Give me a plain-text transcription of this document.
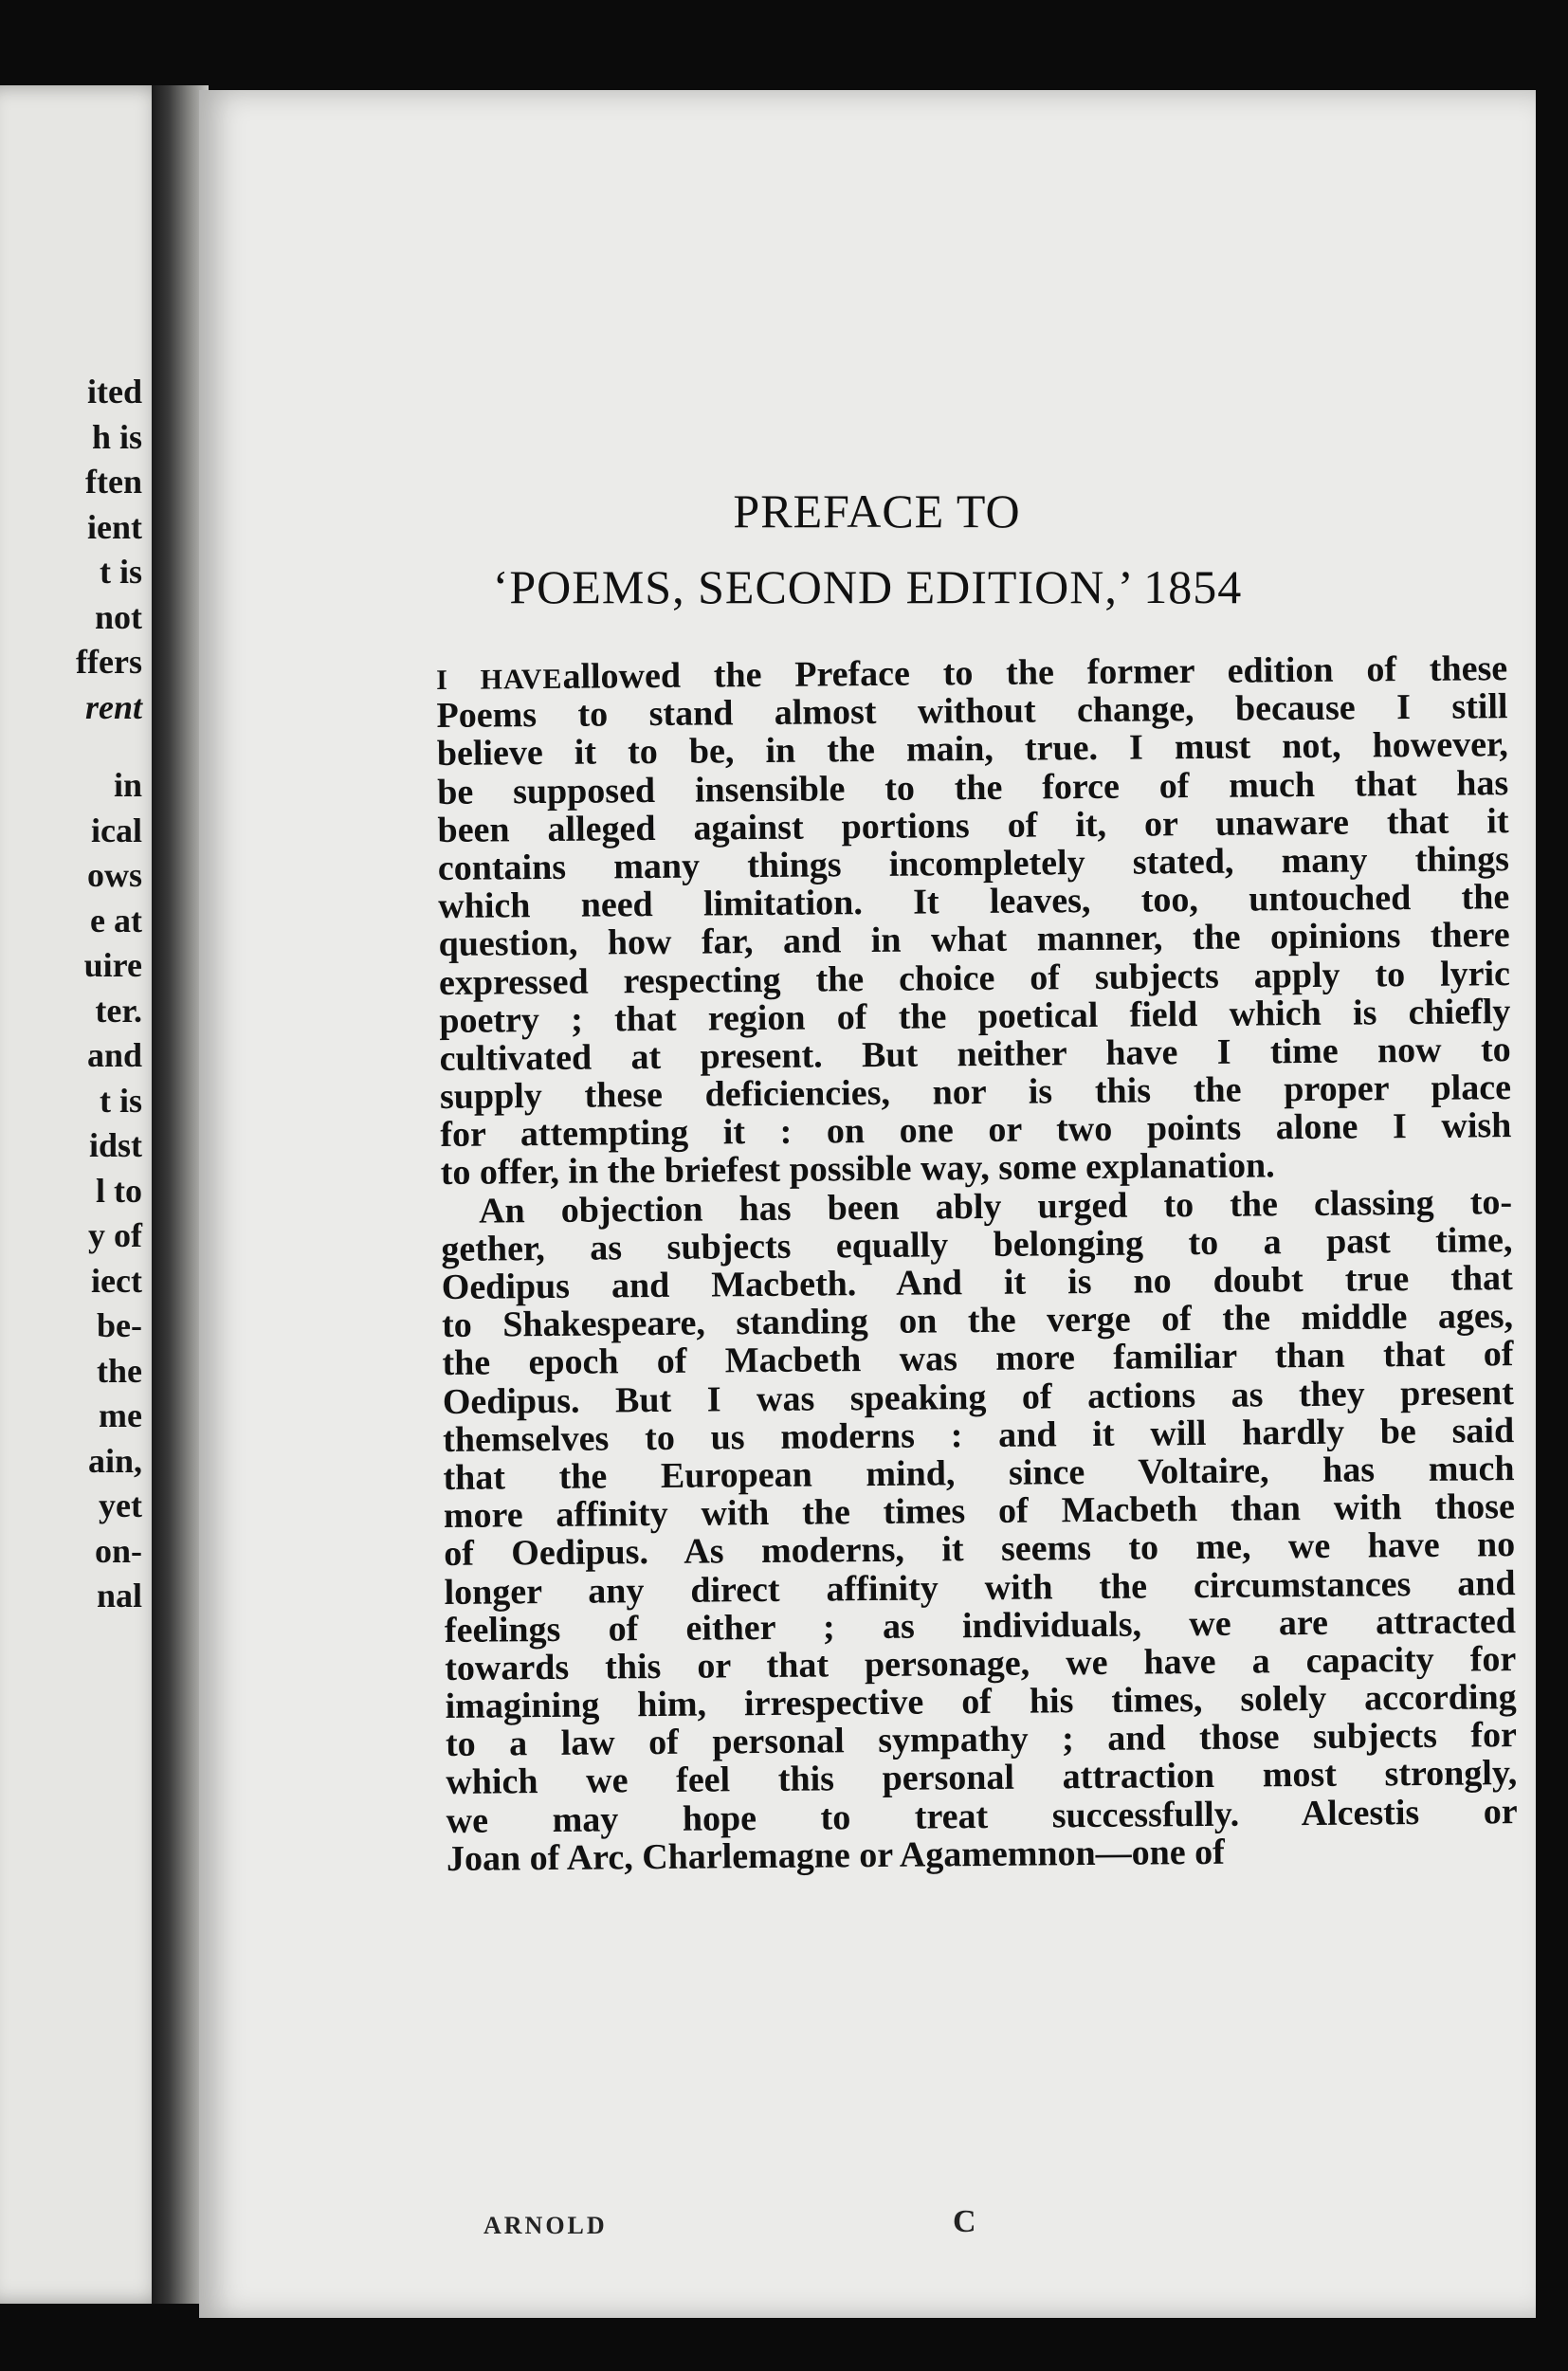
ited
h is
ften
ient
t is
not
ffers
rent
in
ical
ows
e at
uire
ter.
and
t is
idst
l to
y of
iect
be-
the
me
ain,
yet
on-
nal
PREFACE TO
‘POEMS, SECOND EDITION,’ 1854
I HAVEallowed the Preface to the former edition of these
Poems to stand almost without change, because I still
believe it to be, in the main, true. I must not, however,
be supposed insensible to the force of much that has
been alleged against portions of it, or unaware that it
contains many things incompletely stated, many things
which need limitation. It leaves, too, untouched the
question, how far, and in what manner, the opinions there
expressed respecting the choice of subjects apply to lyric
poetry ; that region of the poetical field which is chiefly
cultivated at present. But neither have I time now to
supply these deficiencies, nor is this the proper place
for attempting it : on one or two points alone I wish
to offer, in the briefest possible way, some explanation.
An objection has been ably urged to the classing to-
gether, as subjects equally belonging to a past time,
Oedipus and Macbeth. And it is no doubt true that
to Shakespeare, standing on the verge of the middle ages,
the epoch of Macbeth was more familiar than that of
Oedipus. But I was speaking of actions as they present
themselves to us moderns : and it will hardly be said
that the European mind, since Voltaire, has much
more affinity with the times of Macbeth than with those
of Oedipus. As moderns, it seems to me, we have no
longer any direct affinity with the circumstances and
feelings of either ; as individuals, we are attracted
towards this or that personage, we have a capacity for
imagining him, irrespective of his times, solely according
to a law of personal sympathy ; and those subjects for
which we feel this personal attraction most strongly,
we may hope to treat successfully. Alcestis or
Joan of Arc, Charlemagne or Agamemnon—one of
ARNOLD	C
